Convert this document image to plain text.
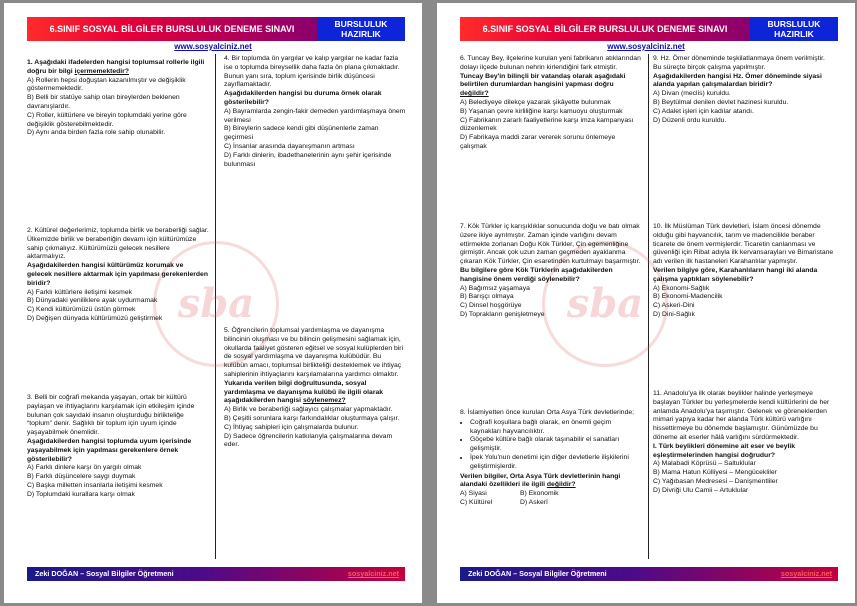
6.SINIF SOSYAL BİLGİLER BURSLULUK DENEME SINAVI	BURSLULUK
HAZIRLIK
www.sosyalciniz.net
sba

1. Aşağıdaki ifadelerden hangisi toplumsal rollerle ilgili doğru bir bilgi içermemektedir?

A) Rollerin hepsi doğuştan kazanılmıştır ve değişiklik göstermemektedir.
B) Belli bir statüye sahip olan bireylerden beklenen davranışlardır.
C) Roller, kültürlere ve bireyin toplumdaki yerine göre değişiklik gösterebilmektedir.
D) Aynı anda birden fazla role sahip olunabilir.

2. Kültürel değerlerimiz, toplumda birlik ve beraberliği sağlar. Ülkemizde birlik ve beraberliğin devamı için kültürümüze sahip çıkmalıyız. Kültürümüzü gelecek nesillere aktarmalıyız.

Aşağıdakilerden hangisi kültürümüz korumak ve gelecek nesillere aktarmak için yapılması gerekenlerden biridir?
A) Farklı kültürlere iletişimi kesmek
B) Dünyadaki yeniliklere ayak uydurmamak
C) Kendi kültürümüzü üstün görmek
D) Değişen dünyada kültürümüzü geliştirmek

3. Belli bir coğrafi mekanda yaşayan, ortak bir kültürü paylaşan ve ihtiyaçlarını karşılamak için etkileşim içinde bulunan çok sayıdaki insanın oluşturduğu birlikteliğe “toplum” denir. Sağlıklı bir toplum için uyum içinde yaşayabilmek önemlidir.

Aşağıdakilerden hangisi toplumda uyum içerisinde yaşayabilmek için yapılması gerekenlere örnek gösterilebilir?
A) Farklı dinlere karşı ön yargılı olmak
B) Farklı düşüncelere saygı duymak
C) Başka milletten insanlarla iletişimi kesmek
D) Toplumdaki kurallara karşı olmak

4. Bir toplumda ön yargılar ve kalıp yargılar ne kadar fazla ise o toplumda bireysellik daha fazla ön plana çıkmaktadır. Bunun yanı sıra, toplum içerisinde birlik düşüncesi zayıflamaktadır.

Aşağıdakilerden hangisi bu duruma örnek olarak gösterilebilir?
A) Bayramlarda zengin-fakir demeden yardımlaşmaya önem verilmesi
B) Bireylerin sadece kendi gibi düşünenlerle zaman geçirmesi
C) İnsanlar arasında dayanışmanın artması
D) Farklı dinlerin, ibadethanelerinin aynı şehir içerisinde bulunması

5. Öğrencilerin toplumsal yardımlaşma ve dayanışma bilincinin oluşması ve bu bilincin gelişmesini sağlamak için, okullarda faaliyet gösteren eğitsel ve sosyal kulüplerden biri de sosyal yardımlaşma ve dayanışma kulübüdür. Bu kulübün amacı, toplumsal birlikteliği desteklemek ve ihtiyaç sahiplerinin ihtiyaçlarını karşılamalarına yardımcı olmaktır.

Yukarıda verilen bilgi doğrultusunda, sosyal yardımlaşma ve dayanışma kulübü ile ilgili olarak aşağıdakilerden hangisi söylenemez?

A) Birlik ve beraberliği sağlayıcı çalışmalar yapmaktadır.
B) Çeşitli sorunlara karşı farkındalıklar oluşturmaya çalışır.
C) İhtiyaç sahipleri için çalışmalarda bulunur.
D) Sadece öğrencilerin katkılarıyla çalışmalarına devam eder.
Zeki DOĞAN – Sosyal Bilgiler Öğretmeni	sosyalciniz.net
6.SINIF SOSYAL BİLGİLER BURSLULUK DENEME SINAVI	BURSLULUK
HAZIRLIK
www.sosyalciniz.net
sba

6. Tuncay Bey, ilçelerine kurulan yeni fabrikanın atıklarından dolayı ilçede bulunan nehrin kirlendiğini fark etmiştir.

Tuncay Bey'in bilinçli bir vatandaş olarak aşağıdaki belirtilen durumlardan hangisini yapması doğru değildir?

A) Belediyeye dilekçe yazarak şikâyette bulunmak
B) Yaşanan çevre kirliliğine karşı kamuoyu oluşturmak
C) Fabrikanın zararlı faaliyetlerine karşı imza kampanyası düzenlemek
D) Fabrikaya maddi zarar vererek sorunu önlemeye çalışmak

7. Kök Türkler iç karışıklıklar sonucunda doğu ve batı olmak üzere ikiye ayrılmıştır. Zaman içinde varlığını devam ettirmekte zorlanan Doğu Kök Türkler, Çin egemenliğine girmiştir. Ancak çok uzun zaman geçmeden ayaklanma çıkaran Kök Türkler, Çin esaretinden kurtulmayı başarmıştır.

Bu bilgilere göre Kök Türklerin aşağıdakilerden hangisine önem verdiği söylenebilir?
A) Bağımsız yaşamaya
B) Barışçı olmaya
C) Dinsel hoşgörüye
D) Toprakların genişletmeye

8. İslamiyetten önce kurulan Orta Asya Türk devletlerinde;

• Coğrafi koşullara bağlı olarak, en önemli geçim kaynakları hayvancılıktır.
• Göçebe kültüre bağlı olarak taşınabilir el sanatları gelişmiştir.
• İpek Yolu'nun denetimi için diğer devletlerle ilişkilerini geliştirmişlerdir.

Verilen bilgiler, Orta Asya Türk devletlerinin hangi alandaki özellikleri ile ilgili değildir?

A) Siyasi	B) Ekonomik
C) Kültürel	D) Askerî

9. Hz. Ömer döneminde teşkilatlanmaya önem verilmiştir. Bu süreçte birçok çalışma yapılmıştır.

Aşağıdakilerden hangisi Hz. Ömer döneminde siyasi alanda yapılan çalışmalardan biridir?
A) Divan (meclis) kuruldu.
B) Beytülmal denilen devlet hazinesi kuruldu.
C) Adalet işleri için kadılar atandı.
D) Düzenli ordu kuruldu.

10. İlk Müslüman Türk devletleri, İslam öncesi dönemde olduğu gibi hayvancılık, tarım ve madencilikle beraber ticarete de önem vermişlerdir. Ticaretin canlanması ve güvenliği için Ribat adıyla ilk kervansarayları ve Bimaristane adı verilen ilk hastaneleri Karahanlılar yapmıştır.

Verilen bilgiye göre, Karahanlıların hangi iki alanda çalışma yaptıkları söylenebilir?
A) Ekonomi-Sağlık
B) Ekonomi-Madencilik
C) Askeri-Dini
D) Dini-Sağlık

11. Anadolu'ya ilk olarak beylikler halinde yerleşmeye başlayan Türkler bu yerleşmelerde kendi kültürlerini de her anlamda Anadolu'ya taşımıştır. Gelenek ve göreneklerden mimari yapıya kadar her alanda Türk kültürü varlığını hissettirmeye bu dönemde başlamıştır. Günümüzde bu döneme ait eserler hâlâ varlığını sürdürmektedir.

I. Türk beylikleri dönemine ait eser ve beylik eşleştirmelerinden hangisi doğrudur?
A) Malabadi Köprüsü – Saltuklular
B) Mama Hatun Külliyesi – Mengücekliler
C) Yağıbasan Medresesi – Danişmentliler
D) Divriği Ulu Camii – Artuklular
Zeki DOĞAN – Sosyal Bilgiler Öğretmeni	sosyalciniz.net
